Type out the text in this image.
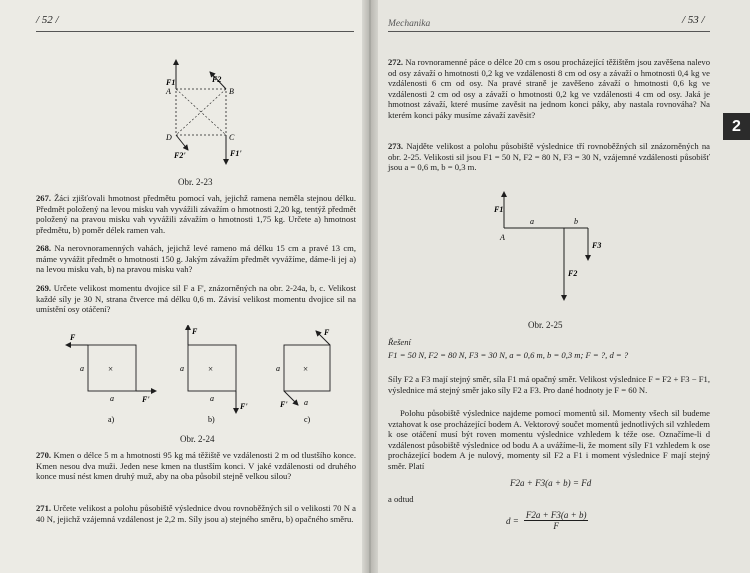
/ 52 /
F1	F2
A	B
D	C
F2'	F1'
Obr. 2-23

267. Žáci zjišťovali hmotnost předmětu pomocí vah, jejichž ramena neměla stejnou délku. Předmět položený na levou misku vah vyvážili závažím o hmotnosti 2,20 kg, tentýž předmět položený na pravou misku vah vyvážili závažím o hmotnosti 1,75 kg. Určete a) hmotnost předmětu, b) poměr délek ramen vah.

268. Na nerovnoramenných vahách, jejichž levé rameno má délku 15 cm a pravé 13 cm, máme vyvážit předmět o hmotnosti 150 g. Jakým závažím předmět vyvážíme, dáme-li jej a) na levou misku vah, b) na pravou misku vah?

269. Určete velikost momentu dvojice sil F a F', znázorněných na obr. 2-24a, b, c. Velikost každé síly je 30 N, strana čtverce má délku 0,6 m. Závisí velikost momentu dvojice sil na umístění osy otáčení?

×
F
F'
a
a
a)
×
F
F'
a
a
b)
×
F
F'
a
a
c)
Obr. 2-24

270. Kmen o délce 5 m a hmotnosti 95 kg má těžiště ve vzdálenosti 2 m od tlustšího konce. Kmen nesou dva muži. Jeden nese kmen na tlustším konci. V jaké vzdálenosti od druhého konce musí nést kmen druhý muž, aby na oba působil stejně velkou silou?

271. Určete velikost a polohu působiště výslednice dvou rovnoběžných sil o velikosti 70 N a 40 N, jejichž vzájemná vzdálenost je 2,2 m. Síly jsou a) stejného směru, b) opačného směru.

Mechanika	/ 53 /
2

272. Na rovnoramenné páce o délce 20 cm s osou procházející těžištěm jsou zavěšena nalevo od osy závaží o hmotnosti 0,2 kg ve vzdálenosti 8 cm od osy a závaží o hmotnosti 0,4 kg ve vzdálenosti 6 cm od osy. Na pravé straně je zavěšeno závaží o hmotnosti 0,6 kg ve vzdálenosti 2 cm od osy a závaží o hmotnosti 0,2 kg ve vzdálenosti 4 cm od osy. Jaká je hmotnost závaží, které musíme zavěsit na jednom konci páky, aby nastala rovnováha? Na kterém konci páky musíme závaží zavěsit?

273. Najděte velikost a polohu působiště výslednice tří rovnoběžných sil znázorněných na obr. 2-25. Velikosti sil jsou F1 = 50 N, F2 = 80 N, F3 = 30 N, vzájemné vzdálenosti působišť jsou a = 0,6 m, b = 0,3 m.

F1
A
a	b
F3
F2
Obr. 2-25
Řešení

F1 = 50 N, F2 = 80 N, F3 = 30 N, a = 0,6 m, b = 0,3 m; F = ?, d = ?

Síly F2 a F3 mají stejný směr, síla F1 má opačný směr. Velikost výslednice F = F2 + F3 − F1, výslednice má stejný směr jako síly F2 a F3. Pro dané hodnoty je F = 60 N.

Polohu působiště výslednice najdeme pomocí momentů sil. Momenty všech sil budeme vztahovat k ose procházející bodem A. Vektorový součet momentů jednotlivých sil vzhledem k ose otáčení musí být roven momentu výslednice vzhledem k téže ose. Označíme-li d vzdálenost působiště výslednice od bodu A a uvážíme-li, že moment síly F1 vzhledem k ose procházející bodem A je nulový, momenty sil F2 a F1 i moment výslednice F mají stejný směr. Platí

F2a + F3(a + b) = Fd
a odtud
$d = \frac{F2a + F3(a + b)}{F}$
